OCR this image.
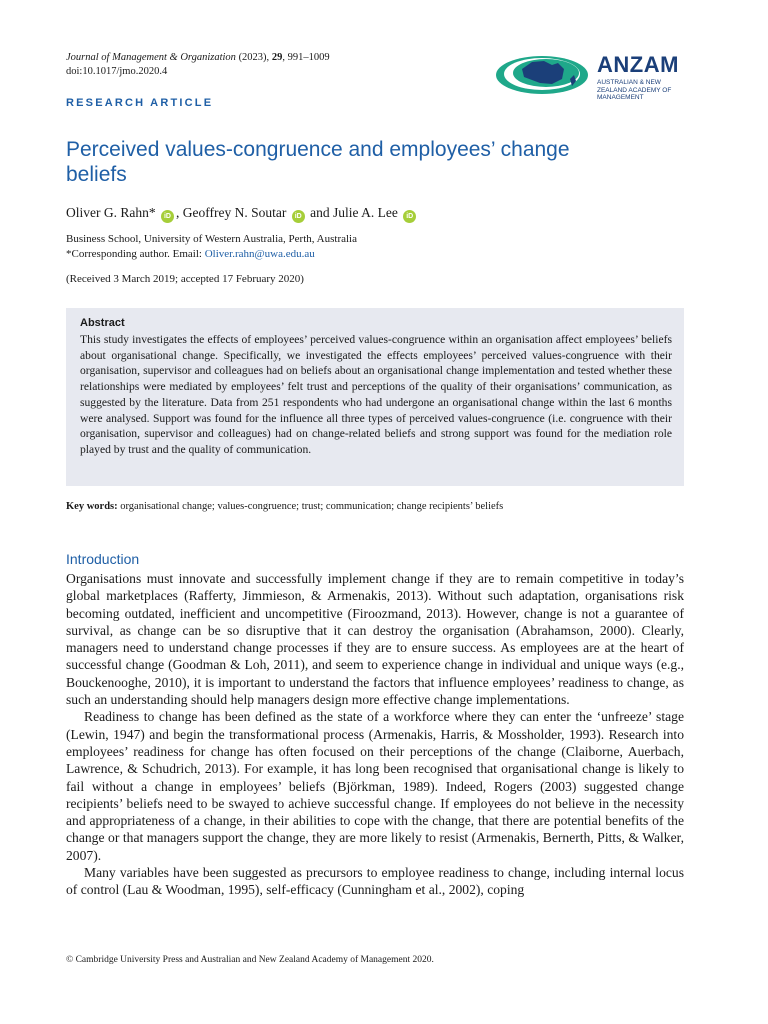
Journal of Management & Organization (2023), 29, 991–1009
doi:10.1017/jmo.2020.4	ANZAM
AUSTRALIAN & NEW ZEALAND ACADEMY OF MANAGEMENT
RESEARCH ARTICLE
Perceived values-congruence and employees’ change beliefs
Oliver G. Rahn* iD , Geoffrey N. Soutar iD and Julie A. Lee iD
Business School, University of Western Australia, Perth, Australia
*Corresponding author. Email: Oliver.rahn@uwa.edu.au
(Received 3 March 2019; accepted 17 February 2020)
Abstract
This study investigates the effects of employees’ perceived values-congruence within an organisation affect employees’ beliefs about organisational change. Specifically, we investigated the effects employees’ perceived values-congruence with their organisation, supervisor and colleagues had on beliefs about an organisational change implementation and tested whether these relationships were mediated by employees’ felt trust and perceptions of the quality of their organisations’ communication, as suggested by the literature. Data from 251 respondents who had undergone an organisational change within the last 6 months were analysed. Support was found for the influence all three types of perceived values-congruence (i.e. congruence with their organisation, supervisor and colleagues) had on change-related beliefs and strong support was found for the mediation role played by trust and the quality of communication.
Key words: organisational change; values-congruence; trust; communication; change recipients’ beliefs
Introduction

Organisations must innovate and successfully implement change if they are to remain competitive in today’s global marketplaces (Rafferty, Jimmieson, & Armenakis, 2013). Without such adaptation, organisations risk becoming outdated, inefficient and uncompetitive (Firoozmand, 2013). However, change is not a guarantee of survival, as change can be so disruptive that it can destroy the organisation (Abrahamson, 2000). Clearly, managers need to understand change processes if they are to ensure success. As employees are at the heart of successful change (Goodman & Loh, 2011), and seem to experience change in individual and unique ways (e.g., Bouckenooghe, 2010), it is important to understand the factors that influence employees’ readiness to change, as such an understanding should help managers design more effective change implementations.

Readiness to change has been defined as the state of a workforce where they can enter the ‘unfreeze’ stage (Lewin, 1947) and begin the transformational process (Armenakis, Harris, & Mossholder, 1993). Research into employees’ readiness for change has often focused on their perceptions of the change (Claiborne, Auerbach, Lawrence, & Schudrich, 2013). For example, it has long been recognised that organisational change is likely to fail without a change in employees’ beliefs (Björkman, 1989). Indeed, Rogers (2003) suggested change recipients’ beliefs need to be swayed to achieve successful change. If employees do not believe in the necessity and appropriateness of a change, in their abilities to cope with the change, that there are potential benefits of the change or that managers support the change, they are more likely to resist (Armenakis, Bernerth, Pitts, & Walker, 2007).

Many variables have been suggested as precursors to employee readiness to change, including internal locus of control (Lau & Woodman, 1995), self-efficacy (Cunningham et al., 2002), coping

© Cambridge University Press and Australian and New Zealand Academy of Management 2020.
